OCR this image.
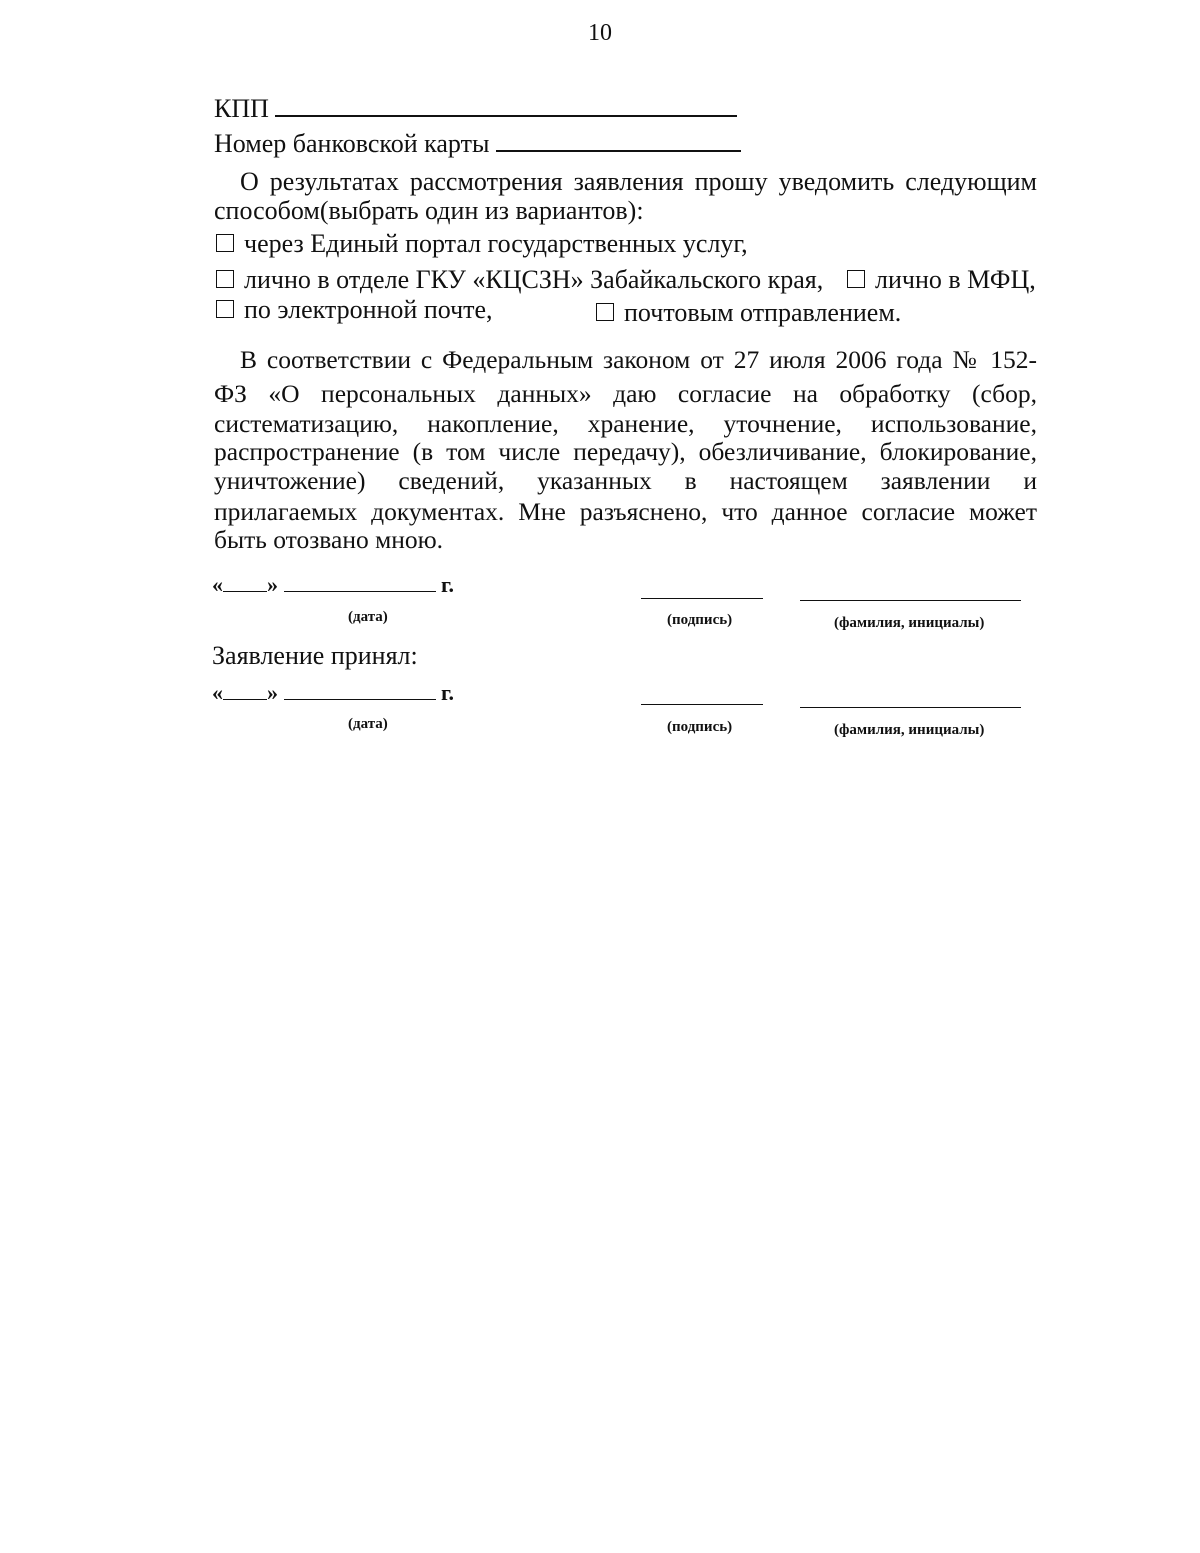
10
КПП
Номер банковской карты
О результатах рассмотрения заявления прошу уведомить следующим
способом(выбрать один из вариантов):
через Единый портал государственных услуг,
лично в отделе ГКУ «КЦСЗН» Забайкальского края, лично в МФЦ,
по электронной почте,	почтовым отправлением.
В соответствии с Федеральным законом от 27 июля 2006 года № 152-
ФЗ «О персональных данных» даю согласие на обработку (сбор,
систематизацию, накопление, хранение, уточнение, использование,
распространение (в том числе передачу), обезличивание, блокирование,
уничтожение) сведений, указанных в настоящем заявлении и
прилагаемых документах. Мне разъяснено, что данное согласие может
быть отозвано мною.
« »	г.
(дата)	(подпись)	(фамилия, инициалы)
Заявление принял:
« »	г.
(дата)	(подпись)	(фамилия, инициалы)
